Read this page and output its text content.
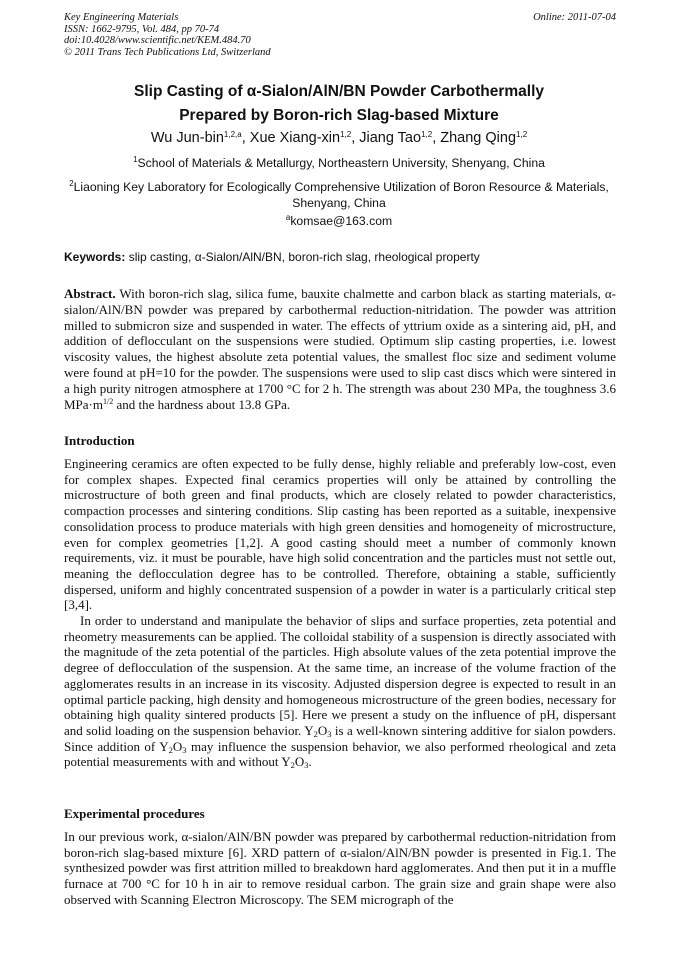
Key Engineering Materials
ISSN: 1662-9795, Vol. 484, pp 70-74
doi:10.4028/www.scientific.net/KEM.484.70
© 2011 Trans Tech Publications Ltd, Switzerland
Online: 2011-07-04
Slip Casting of α-Sialon/AlN/BN Powder Carbothermally
Prepared by Boron-rich Slag-based Mixture
Wu Jun-bin$^{1,2,a}$, Xue Xiang-xin$^{1,2}$, Jiang Tao$^{1,2}$, Zhang Qing$^{1,2}$
$^1$School of Materials & Metallurgy, Northeastern University, Shenyang, China
$^2$Liaoning Key Laboratory for Ecologically Comprehensive Utilization of Boron Resource & Materials,
Shenyang, China
$^a$komsae@163.com
Keywords: slip casting, α-Sialon/AlN/BN, boron-rich slag, rheological property
Abstract. With boron-rich slag, silica fume, bauxite chalmette and carbon black as starting materials, α-sialon/AlN/BN powder was prepared by carbothermal reduction-nitridation. The powder was attrition milled to submicron size and suspended in water. The effects of yttrium oxide as a sintering aid, pH, and addition of deflocculant on the suspensions were studied. Optimum slip casting properties, i.e. lowest viscosity values, the highest absolute zeta potential values, the smallest floc size and sediment volume were found at pH=10 for the powder. The suspensions were used to slip cast discs which were sintered in a high purity nitrogen atmosphere at 1700 °C for 2 h. The strength was about 230 MPa, the toughness 3.6 $MPa\cdot m^{1/2}$ and the hardness about 13.8 GPa.
Introduction

Engineering ceramics are often expected to be fully dense, highly reliable and preferably low-cost, even for complex shapes. Expected final ceramics properties will only be attained by controlling the microstructure of both green and final products, which are closely related to powder characteristics, compaction processes and sintering conditions. Slip casting has been reported as a suitable, inexpensive consolidation process to produce materials with high green densities and homogeneity of microstructure, even for complex geometries [1,2]. A good casting should meet a number of commonly known requirements, viz. it must be pourable, have high solid concentration and the particles must not settle out, meaning the deflocculation degree has to be controlled. Therefore, obtaining a stable, sufficiently dispersed, uniform and highly concentrated suspension of a powder in water is a particularly critical step [3,4].

In order to understand and manipulate the behavior of slips and surface properties, zeta potential and rheometry measurements can be applied. The colloidal stability of a suspension is directly associated with the magnitude of the zeta potential of the particles. High absolute values of the zeta potential improve the degree of deflocculation of the suspension. At the same time, an increase of the volume fraction of the agglomerates results in an increase in its viscosity. Adjusted dispersion degree is expected to result in an optimal particle packing, high density and homogeneous microstructure of the green bodies, necessary for obtaining high quality sintered products [5]. Here we present a study on the influence of pH, dispersant and solid loading on the suspension behavior. $Y_2O_3$ is a well-known sintering additive for sialon powders. Since addition of $Y_2O_3$ may influence the suspension behavior, we also performed rheological and zeta potential measurements with and without $Y_2O_3$.

Experimental procedures

In our previous work, α-sialon/AlN/BN powder was prepared by carbothermal reduction-nitridation from boron-rich slag-based mixture [6]. XRD pattern of α-sialon/AlN/BN powder is presented in Fig.1. The synthesized powder was first attrition milled to breakdown hard agglomerates. And then put it in a muffle furnace at 700 °C for 10 h in air to remove residual carbon. The grain size and grain shape were also observed with Scanning Electron Microscopy. The SEM micrograph of the
